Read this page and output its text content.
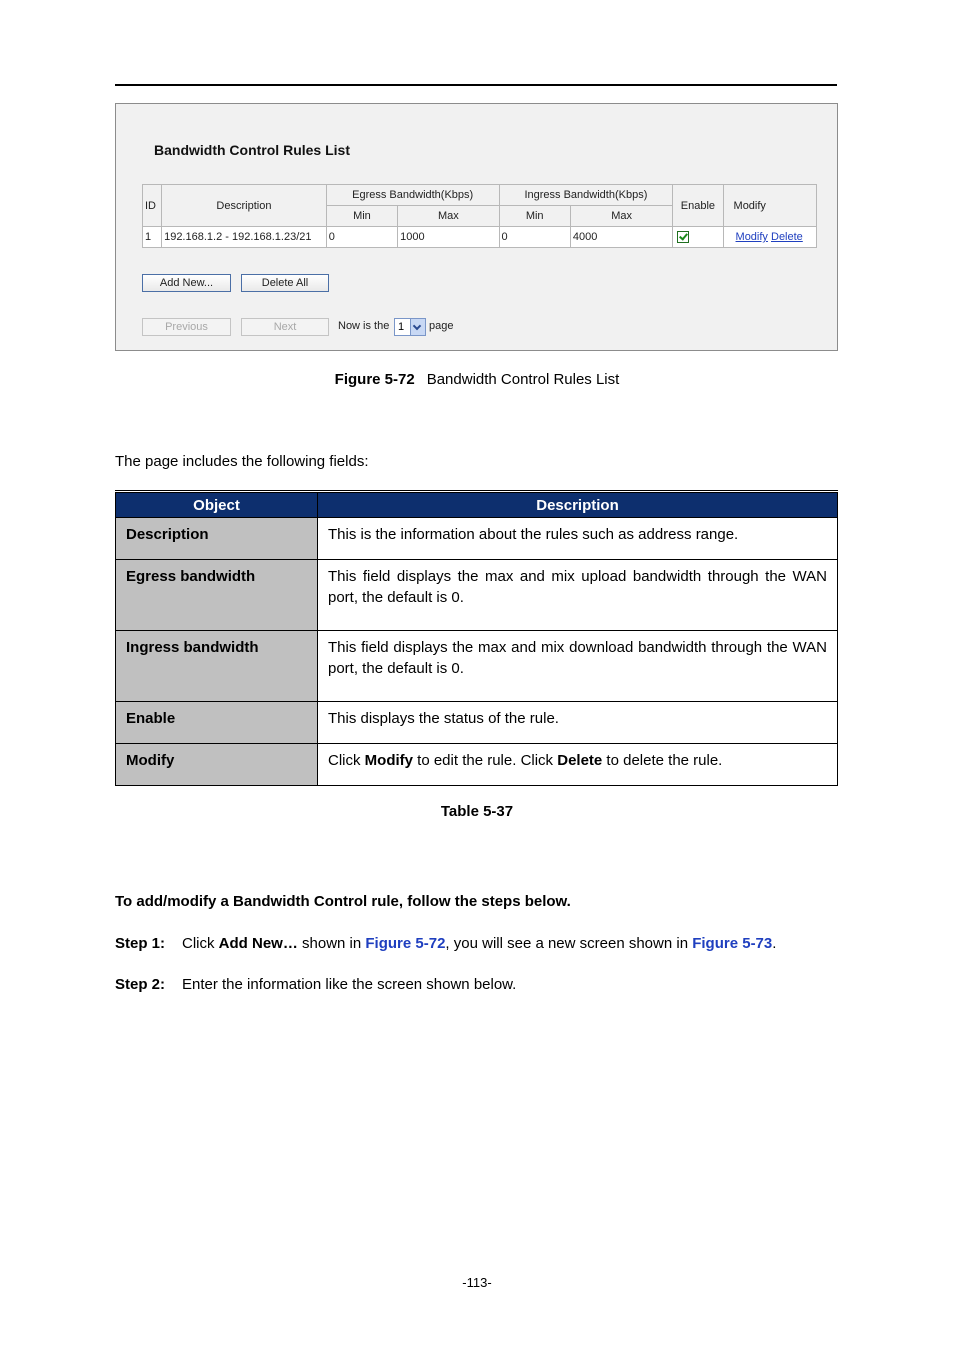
Bandwidth Control Rules List
ID	Description	Egress Bandwidth(Kbps)		Ingress Bandwidth(Kbps)		Enable	Modify
		Min	Max	Min	Max		
1	192.168.1.2 - 192.168.1.23/21	0	1000	0	4000		Modify Delete
Add New...	Delete All
Previous	Next	Now is the 1 page
Figure 5-72 Bandwidth Control Rules List
The page includes the following fields:
Object	Description
Description	This is the information about the rules such as address range.
Egress bandwidth	This field displays the max and mix upload bandwidth through the WAN port, the default is 0.
Ingress bandwidth	This field displays the max and mix download bandwidth through the WAN port, the default is 0.
Enable	This displays the status of the rule.
Modify	Click Modify to edit the rule. Click Delete to delete the rule.
Table 5-37
To add/modify a Bandwidth Control rule, follow the steps below.
Step 1: Click Add New… shown in Figure 5-72, you will see a new screen shown in Figure 5-73.
Step 2: Enter the information like the screen shown below.
-113-
